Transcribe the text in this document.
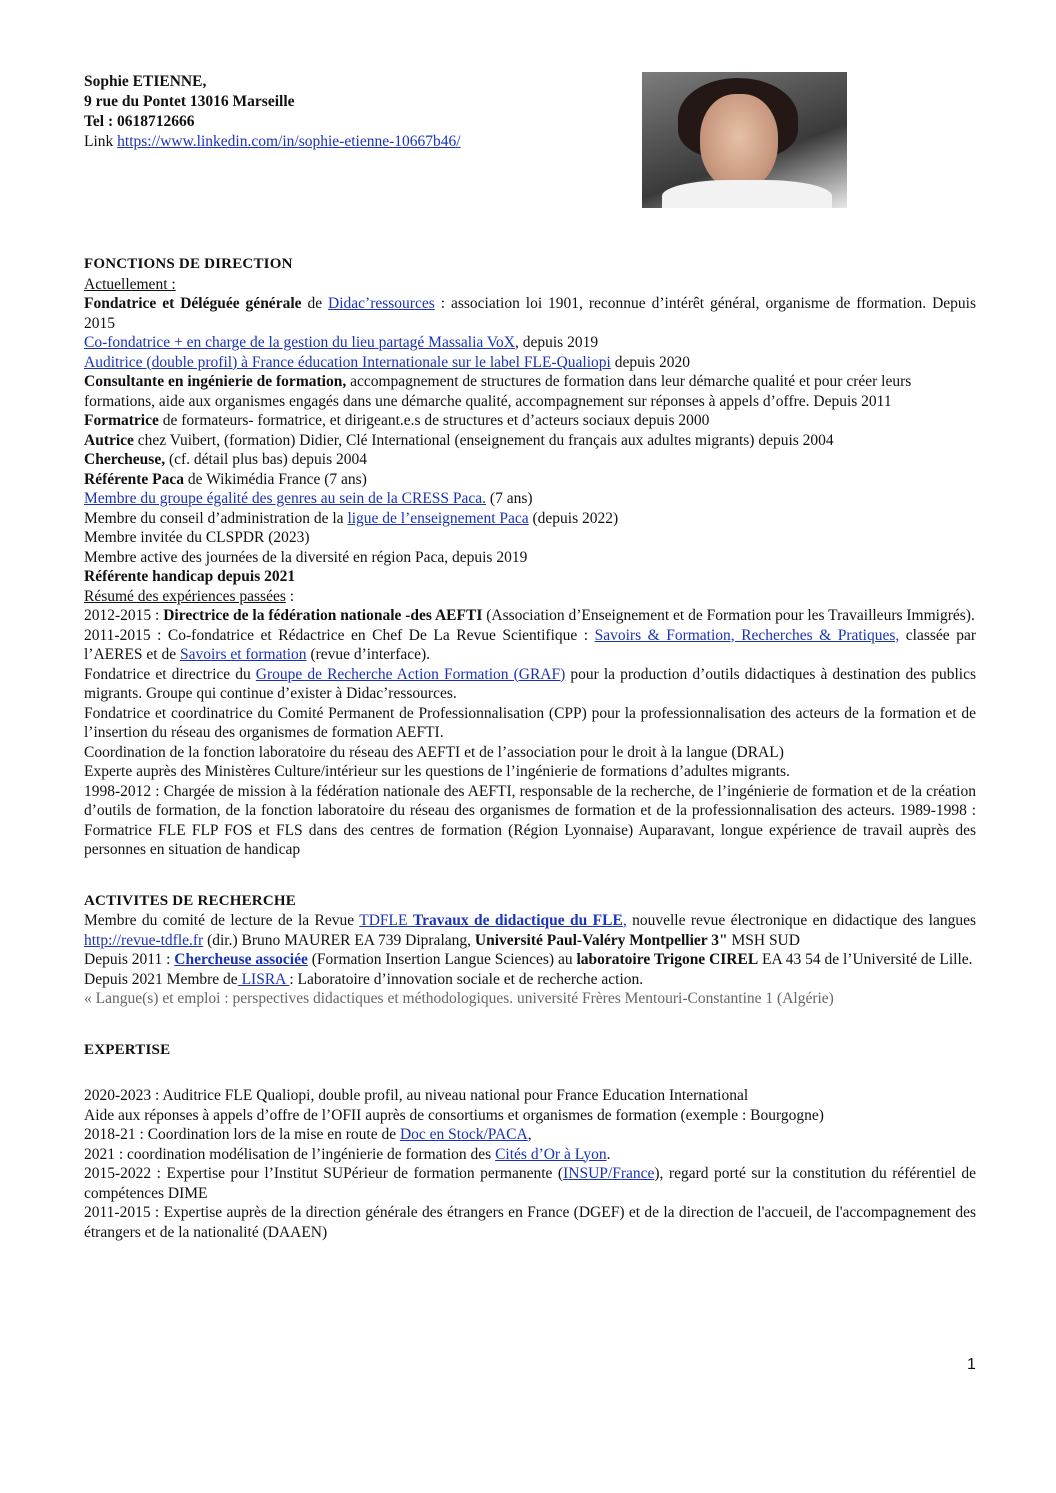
Sophie ETIENNE,
9 rue du Pontet 13016 Marseille
Tel : 0618712666
Link https://www.linkedin.com/in/sophie-etienne-10667b46/
FONCTIONS DE DIRECTION
Actuellement :
Fondatrice et Déléguée générale de Didac’ressources : association loi 1901, reconnue d’intérêt général, organisme de fformation. Depuis 2015
Co-fondatrice + en charge de la gestion du lieu partagé Massalia VoX, depuis 2019
Auditrice (double profil) à France éducation Internationale sur le label FLE-Qualiopi depuis 2020
Consultante en ingénierie de formation, accompagnement de structures de formation dans leur démarche qualité et pour créer leurs formations, aide aux organismes engagés dans une démarche qualité, accompagnement sur réponses à appels d’offre. Depuis 2011
Formatrice de formateurs- formatrice, et dirigeant.e.s de structures et d’acteurs sociaux depuis 2000
Autrice chez Vuibert, (formation) Didier, Clé International (enseignement du français aux adultes migrants) depuis 2004
Chercheuse, (cf. détail plus bas) depuis 2004
Référente Paca de Wikimédia France (7 ans)
Membre du groupe égalité des genres au sein de la CRESS Paca. (7 ans)
Membre du conseil d’administration de la ligue de l’enseignement Paca (depuis 2022)
Membre invitée du CLSPDR (2023)
Membre active des journées de la diversité en région Paca, depuis 2019
Référente handicap depuis 2021
Résumé des expériences passées :
2012-2015 : Directrice de la fédération nationale -des AEFTI (Association d’Enseignement et de Formation pour les Travailleurs Immigrés).
2011-2015 : Co-fondatrice et Rédactrice en Chef De La Revue Scientifique : Savoirs & Formation, Recherches & Pratiques, classée par l’AERES et de Savoirs et formation (revue d’interface).
Fondatrice et directrice du Groupe de Recherche Action Formation (GRAF) pour la production d’outils didactiques à destination des publics migrants. Groupe qui continue d’exister à Didac’ressources.
Fondatrice et coordinatrice du Comité Permanent de Professionnalisation (CPP) pour la professionnalisation des acteurs de la formation et de l’insertion du réseau des organismes de formation AEFTI.
Coordination de la fonction laboratoire du réseau des AEFTI et de l’association pour le droit à la langue (DRAL)
Experte auprès des Ministères Culture/intérieur sur les questions de l’ingénierie de formations d’adultes migrants.
1998-2012 : Chargée de mission à la fédération nationale des AEFTI, responsable de la recherche, de l’ingénierie de formation et de la création d’outils de formation, de la fonction laboratoire du réseau des organismes de formation et de la professionnalisation des acteurs. 1989-1998 : Formatrice FLE FLP FOS et FLS dans des centres de formation (Région Lyonnaise) Auparavant, longue expérience de travail auprès des personnes en situation de handicap
ACTIVITES DE RECHERCHE
Membre du comité de lecture de la Revue TDFLE Travaux de didactique du FLE, nouvelle revue électronique en didactique des langues http://revue-tdfle.fr (dir.) Bruno MAURER EA 739 Dipralang, Université Paul-Valéry Montpellier 3" MSH SUD
Depuis 2011 : Chercheuse associée (Formation Insertion Langue Sciences) au laboratoire Trigone CIREL EA 43 54 de l’Université de Lille.
Depuis 2021 Membre de LISRA : Laboratoire d’innovation sociale et de recherche action.
« Langue(s) et emploi : perspectives didactiques et méthodologiques. université Frères Mentouri-Constantine 1 (Algérie)
EXPERTISE
2020-2023 : Auditrice FLE Qualiopi, double profil, au niveau national pour France Education International
Aide aux réponses à appels d’offre de l’OFII auprès de consortiums et organismes de formation (exemple : Bourgogne)
2018-21 : Coordination lors de la mise en route de Doc en Stock/PACA,
2021 : coordination modélisation de l’ingénierie de formation des Cités d’Or à Lyon.
2015-2022 : Expertise pour l’Institut SUPérieur de formation permanente (INSUP/France), regard porté sur la constitution du référentiel de compétences DIME
2011-2015 : Expertise auprès de la direction générale des étrangers en France (DGEF) et de la direction de l'accueil, de l'accompagnement des étrangers et de la nationalité (DAAEN)
1
